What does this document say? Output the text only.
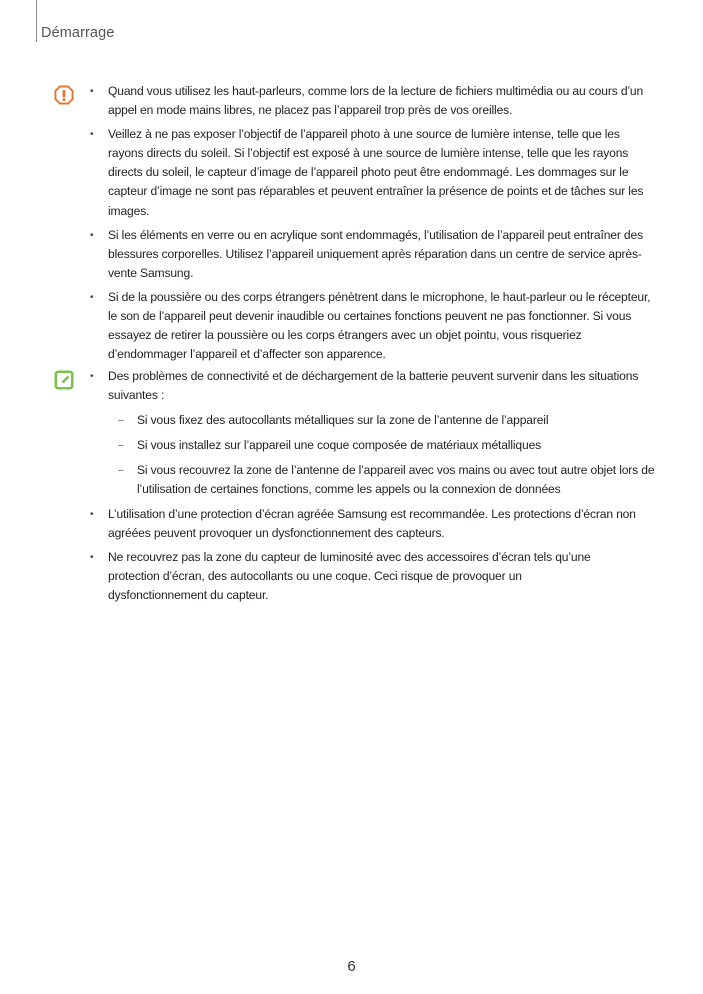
Démarrage
• Quand vous utilisez les haut-parleurs, comme lors de la lecture de fichiers multimédia ou au cours d’un appel en mode mains libres, ne placez pas l’appareil trop près de vos oreilles.
• Veillez à ne pas exposer l’objectif de l’appareil photo à une source de lumière intense, telle que les rayons directs du soleil. Si l’objectif est exposé à une source de lumière intense, telle que les rayons directs du soleil, le capteur d’image de l’appareil photo peut être endommagé. Les dommages sur le capteur d’image ne sont pas réparables et peuvent entraîner la présence de points et de tâches sur les images.
• Si les éléments en verre ou en acrylique sont endommagés, l’utilisation de l’appareil peut entraîner des blessures corporelles. Utilisez l’appareil uniquement après réparation dans un centre de service après-vente Samsung.
• Si de la poussière ou des corps étrangers pénètrent dans le microphone, le haut-parleur ou le récepteur, le son de l’appareil peut devenir inaudible ou certaines fonctions peuvent ne pas fonctionner. Si vous essayez de retirer la poussière ou les corps étrangers avec un objet pointu, vous risqueriez d’endommager l’appareil et d’affecter son apparence.
• Des problèmes de connectivité et de déchargement de la batterie peuvent survenir dans les situations suivantes :
– Si vous fixez des autocollants métalliques sur la zone de l’antenne de l’appareil
– Si vous installez sur l’appareil une coque composée de matériaux métalliques
– Si vous recouvrez la zone de l’antenne de l’appareil avec vos mains ou avec tout autre objet lors de l’utilisation de certaines fonctions, comme les appels ou la connexion de données
• L’utilisation d’une protection d’écran agréée Samsung est recommandée. Les protections d’écran non agréées peuvent provoquer un dysfonctionnement des capteurs.
• Ne recouvrez pas la zone du capteur de luminosité avec des accessoires d’écran tels qu’une protection d’écran, des autocollants ou une coque. Ceci risque de provoquer un dysfonctionnement du capteur.
6
